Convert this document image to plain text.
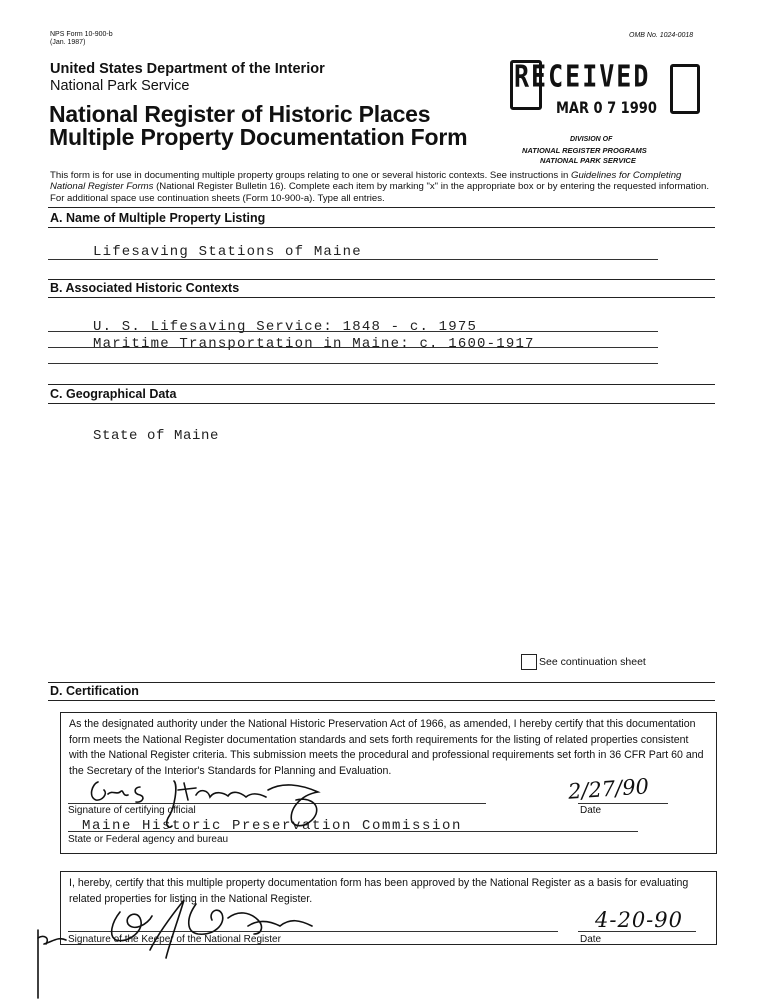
NPS Form 10-900-b
(Jan. 1987)
OMB No. 1024-0018
United States Department of the Interior
National Park Service
National Register of Historic Places
Multiple Property Documentation Form
RECEIVED
MAR 0 7 1990
DIVISION OF
NATIONAL REGISTER PROGRAMS
NATIONAL PARK SERVICE
This form is for use in documenting multiple property groups relating to one or several historic contexts. See instructions in Guidelines for Completing National Register Forms (National Register Bulletin 16). Complete each item by marking "x" in the appropriate box or by entering the requested information. For additional space use continuation sheets (Form 10-900-a). Type all entries.
A. Name of Multiple Property Listing
Lifesaving Stations of Maine
B. Associated Historic Contexts
U. S. Lifesaving Service: 1848 - c. 1975
Maritime Transportation in Maine: c. 1600-1917
C. Geographical Data
State of Maine
See continuation sheet
D. Certification
As the designated authority under the National Historic Preservation Act of 1966, as amended, I hereby certify that this documentation form meets the National Register documentation standards and sets forth requirements for the listing of related properties consistent with the National Register criteria. This submission meets the procedural and professional requirements set forth in 36 CFR Part 60 and the Secretary of the Interior's Standards for Planning and Evaluation.
Signature of certifying official	Date
2/27/90
Maine Historic Preservation Commission
State or Federal agency and bureau
I, hereby, certify that this multiple property documentation form has been approved by the National Register as a basis for evaluating related properties for listing in the National Register.
Signature of the Keeper of the National Register	Date
4-20-90
